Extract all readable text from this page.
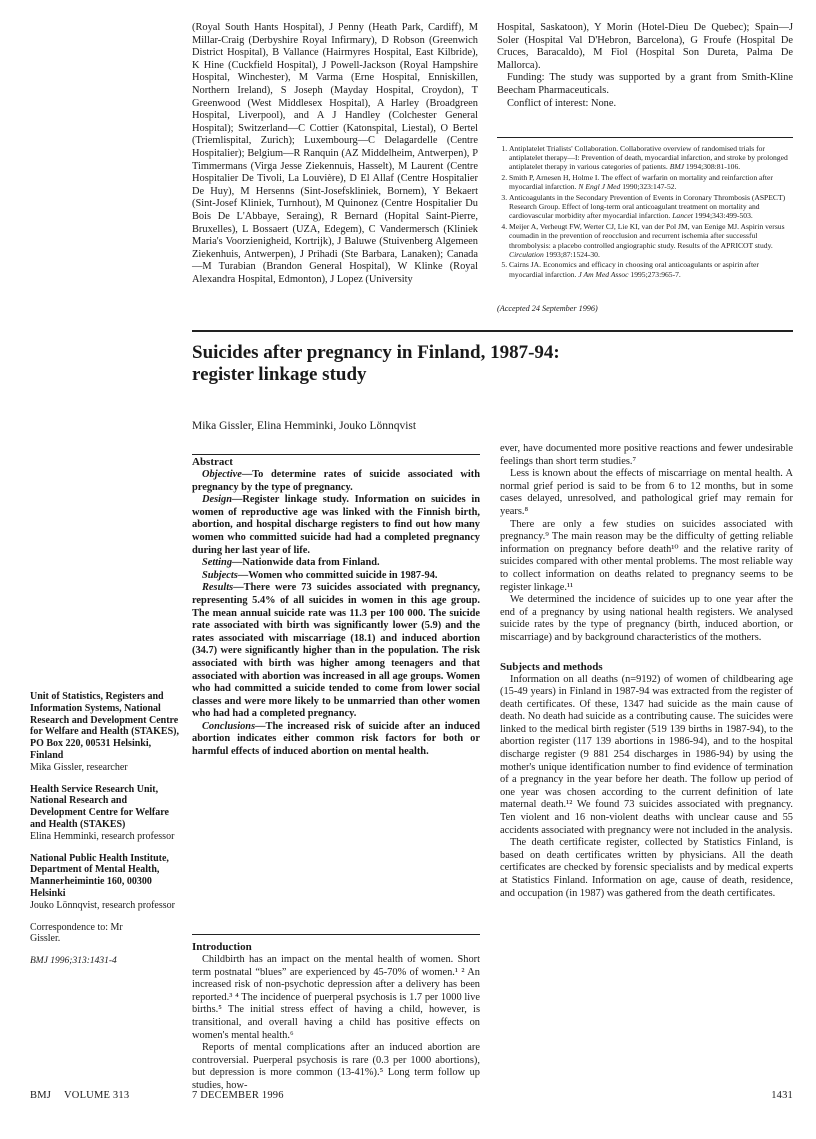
(Royal South Hants Hospital), J Penny (Heath Park, Cardiff), M Millar-Craig (Derbyshire Royal Infirmary), D Robson (Greenwich District Hospital), B Vallance (Hairmyres Hospital, East Kilbride), K Hine (Cuckfield Hospital), J Powell-Jackson (Royal Hampshire Hospital, Winchester), M Varma (Erne Hospital, Enniskillen, Northern Ireland), S Joseph (Mayday Hospital, Croydon), T Greenwood (West Middlesex Hospital), A Harley (Broadgreen Hospital, Liverpool), and A J Handley (Colchester General Hospital); Switzerland—C Cottier (Katonspital, Liestal), O Bertel (Triemlispital, Zurich); Luxembourg—C Delagardelle (Centre Hospitalier); Belgium—R Ranquin (AZ Middelheim, Antwerpen), P Timmermans (Virga Jesse Ziekennuis, Hasselt), M Laurent (Centre Hospitalier De Tivoli, La Louvière), D El Allaf (Centre Hospitalier De Huy), M Hersenns (Sint-Josefskliniek, Bornem), Y Bekaert (Sint-Josef Kliniek, Turnhout), M Quinonez (Centre Hospitalier Du Bois De L'Abbaye, Seraing), R Bernard (Hopital Saint-Pierre, Bruxelles), L Bossaert (UZA, Edegem), C Vandermersch (Kliniek Maria's Voorzienigheid, Kortrijk), J Baluwe (Stuivenberg Algemeen Ziekenhuis, Antwerpen), J Prihadi (Ste Barbara, Lanaken); Canada—M Turabian (Brandon General Hospital), W Klinke (Royal Alexandra Hospital, Edmonton), J Lopez (University

Hospital, Saskatoon), Y Morin (Hotel-Dieu De Quebec); Spain—J Soler (Hospital Val D'Hebron, Barcelona), G Froufe (Hospital De Cruces, Baracaldo), M Fiol (Hospital Son Dureta, Palma De Mallorca).

Funding: The study was supported by a grant from Smith-Kline Beecham Pharmaceuticals.

Conflict of interest: None.

1. Antiplatelet Trialists' Collaboration. Collaborative overview of randomised trials for antiplatelet therapy—I: Prevention of death, myocardial infarction, and stroke by prolonged antiplatelet therapy in various categories of patients. BMJ 1994;308:81-106.
2. Smith P, Arnesen H, Holme I. The effect of warfarin on mortality and reinfarction after myocardial infarction. N Engl J Med 1990;323:147-52.
3. Anticoagulants in the Secondary Prevention of Events in Coronary Thrombosis (ASPECT) Research Group. Effect of long-term oral anticoagulant treatment on mortality and cardiovascular morbidity after myocardial infarction. Lancet 1994;343:499-503.
4. Meijer A, Verheugt FW, Werter CJ, Lie KI, van der Pol JM, van Eenige MJ. Aspirin versus coumadin in the prevention of reocclusion and recurrent ischemia after successful thrombolysis: a placebo controlled angiographic study. Results of the APRICOT study. Circulation 1993;87:1524-30.
5. Cairns JA. Economics and efficacy in choosing oral anticoagulants or aspirin after myocardial infarction. J Am Med Assoc 1995;273:965-7.

(Accepted 24 September 1996)

Suicides after pregnancy in Finland, 1987-94: register linkage study

Mika Gissler, Elina Hemminki, Jouko Lönnqvist

Unit of Statistics, Registers and Information Systems, National Research and Development Centre for Welfare and Health (STAKES), PO Box 220, 00531 Helsinki, Finland
Mika Gissler, researcher

Health Service Research Unit, National Research and Development Centre for Welfare and Health (STAKES)
Elina Hemminki, research professor

National Public Health Institute, Department of Mental Health, Mannerheimintie 160, 00300 Helsinki
Jouko Lönnqvist, research professor

Correspondence to: Mr Gissler.

BMJ 1996;313:1431-4

Abstract

Objective—To determine rates of suicide associated with pregnancy by the type of pregnancy.

Design—Register linkage study. Information on suicides in women of reproductive age was linked with the Finnish birth, abortion, and hospital discharge registers to find out how many women who committed suicide had had a completed pregnancy during her last year of life.

Setting—Nationwide data from Finland.

Subjects—Women who committed suicide in 1987-94.

Results—There were 73 suicides associated with pregnancy, representing 5.4% of all suicides in women in this age group. The mean annual suicide rate was 11.3 per 100 000. The suicide rate associated with birth was significantly lower (5.9) and the rates associated with miscarriage (18.1) and induced abortion (34.7) were significantly higher than in the population. The risk associated with birth was higher among teenagers and that associated with abortion was increased in all age groups. Women who had committed a suicide tended to come from lower social classes and were more likely to be unmarried than other women who had had a completed pregnancy.

Conclusions—The increased risk of suicide after an induced abortion indicates either common risk factors for both or harmful effects of induced abortion on mental health.

Introduction

Childbirth has an impact on the mental health of women. Short term postnatal “blues” are experienced by 45-70% of women.¹ ² An increased risk of non-psychotic depression after a delivery has been reported.³ ⁴ The incidence of puerperal psychosis is 1.7 per 1000 live births.⁵ The initial stress effect of having a child, however, is transitional, and overall having a child has positive effects on women's mental health.⁶

Reports of mental complications after an induced abortion are controversial. Puerperal psychosis is rare (0.3 per 1000 abortions), but depression is more common (13-41%).⁵ Long term follow up studies, how-

ever, have documented more positive reactions and fewer undesirable feelings than short term studies.⁷

Less is known about the effects of miscarriage on mental health. A normal grief period is said to be from 6 to 12 months, but in some cases delayed, unresolved, and pathological grief may remain for years.⁸

There are only a few studies on suicides associated with pregnancy.⁹ The main reason may be the difficulty of getting reliable information on pregnancy before death¹⁰ and the relative rarity of suicides compared with other mental problems. The most reliable way to collect information on deaths related to pregnancy seems to be register linkage.¹¹

We determined the incidence of suicides up to one year after the end of a pregnancy by using national health registers. We analysed suicide rates by the type of pregnancy (birth, induced abortion, or miscarriage) and by background characteristics of the mothers.

Subjects and methods

Information on all deaths (n=9192) of women of childbearing age (15-49 years) in Finland in 1987-94 was extracted from the register of death certificates. Of these, 1347 had suicide as the main cause of death. No death had suicide as a contributing cause. The suicides were linked to the medical birth register (519 139 births in 1987-94), to the abortion register (117 139 abortions in 1986-94), and to the hospital discharge register (9 881 254 discharges in 1986-94) by using the mother's unique identification number to find evidence of termination of a pregnancy in the year before her death. The follow up period of one year was chosen according to the current definition of late maternal death.¹² We found 73 suicides associated with pregnancy. Ten violent and 16 non-violent deaths with unclear cause and 55 accidents associated with pregnancy were not included in the analysis.

The death certificate register, collected by Statistics Finland, is based on death certificates written by physicians. All the death certificates are checked by forensic specialists and by medical experts at Statistics Finland. Information on age, cause of death, residence, and occupation (in 1987) was gathered from the death certificates.

BMJ VOLUME 313	7 DECEMBER 1996	1431
